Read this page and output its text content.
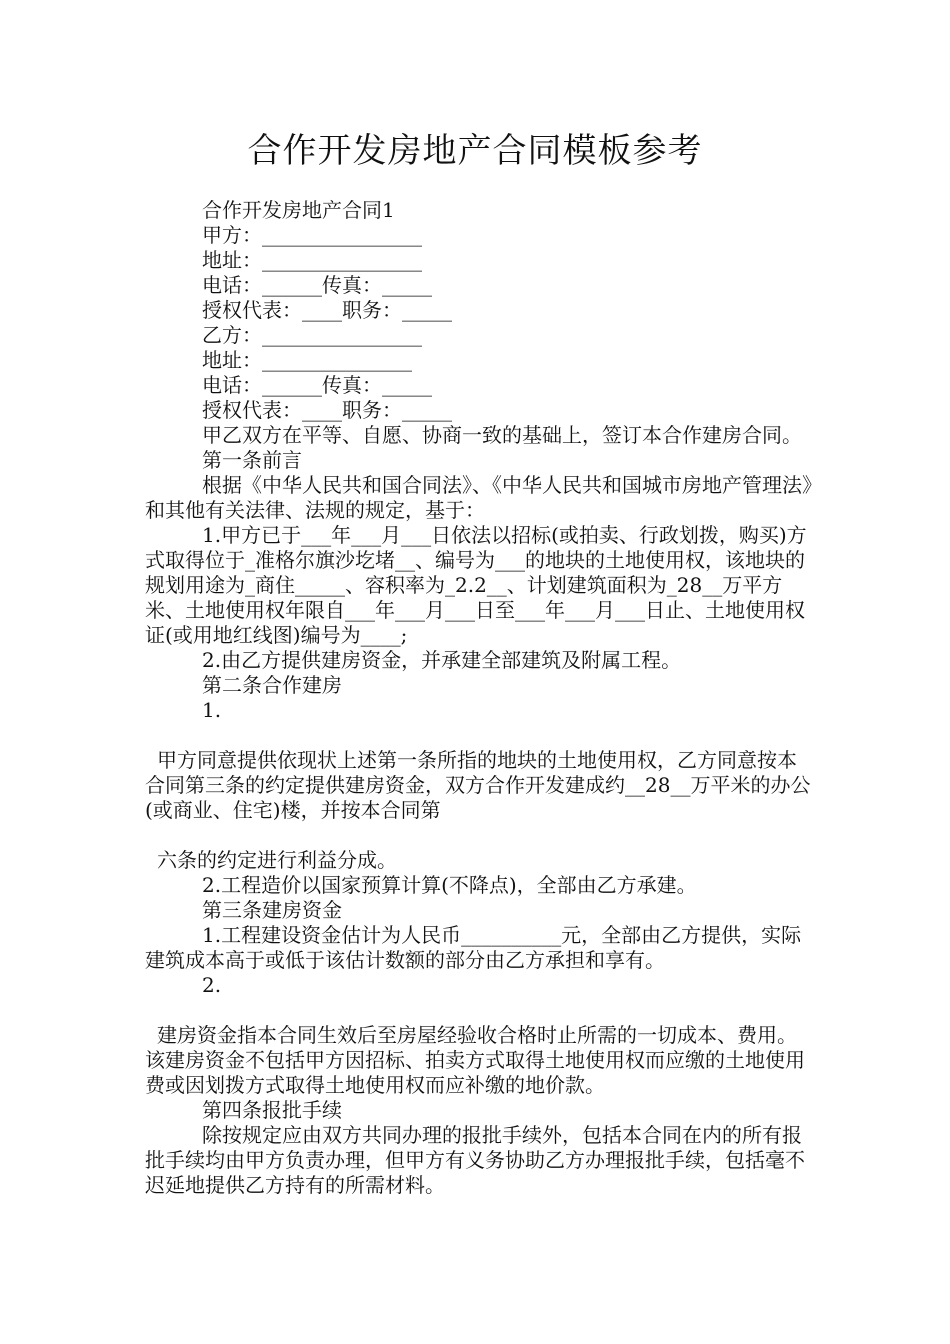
合作开发房地产合同模板参考

合作开发房地产合同1

甲方：________________

地址：________________

电话：______传真：_____

授权代表：____职务：_____

乙方：________________

地址：_______________

电话：______传真：_____

授权代表：____职务：_____

甲乙双方在平等、自愿、协商一致的基础上，签订本合作建房合同。

第一条前言

根据《中华人民共和国合同法》、《中华人民共和国城市房地产管理法》和其他有关法律、法规的规定，基于：

1.甲方已于___年___月___日依法以招标(或拍卖、行政划拨，购买)方式取得位于_准格尔旗沙圪堵__、编号为___的地块的土地使用权，该地块的规划用途为_商住_____、容积率为_2.2__、计划建筑面积为_28__万平方米、土地使用权年限自___年___月___日至___年___月___日止、土地使用权证(或用地红线图)编号为____;

2.由乙方提供建房资金，并承建全部建筑及附属工程。

第二条合作建房

1.

甲方同意提供依现状上述第一条所指的地块的土地使用权，乙方同意按本合同第三条的约定提供建房资金，双方合作开发建成约__28__万平米的办公(或商业、住宅)楼，并按本合同第

六条的约定进行利益分成。

2.工程造价以国家预算计算(不降点)，全部由乙方承建。

第三条建房资金

1.工程建设资金估计为人民币__________元，全部由乙方提供，实际建筑成本高于或低于该估计数额的部分由乙方承担和享有。

2.

建房资金指本合同生效后至房屋经验收合格时止所需的一切成本、费用。该建房资金不包括甲方因招标、拍卖方式取得土地使用权而应缴的土地使用费或因划拨方式取得土地使用权而应补缴的地价款。

第四条报批手续

除按规定应由双方共同办理的报批手续外，包括本合同在内的所有报批手续均由甲方负责办理，但甲方有义务协助乙方办理报批手续，包括毫不迟延地提供乙方持有的所需材料。
